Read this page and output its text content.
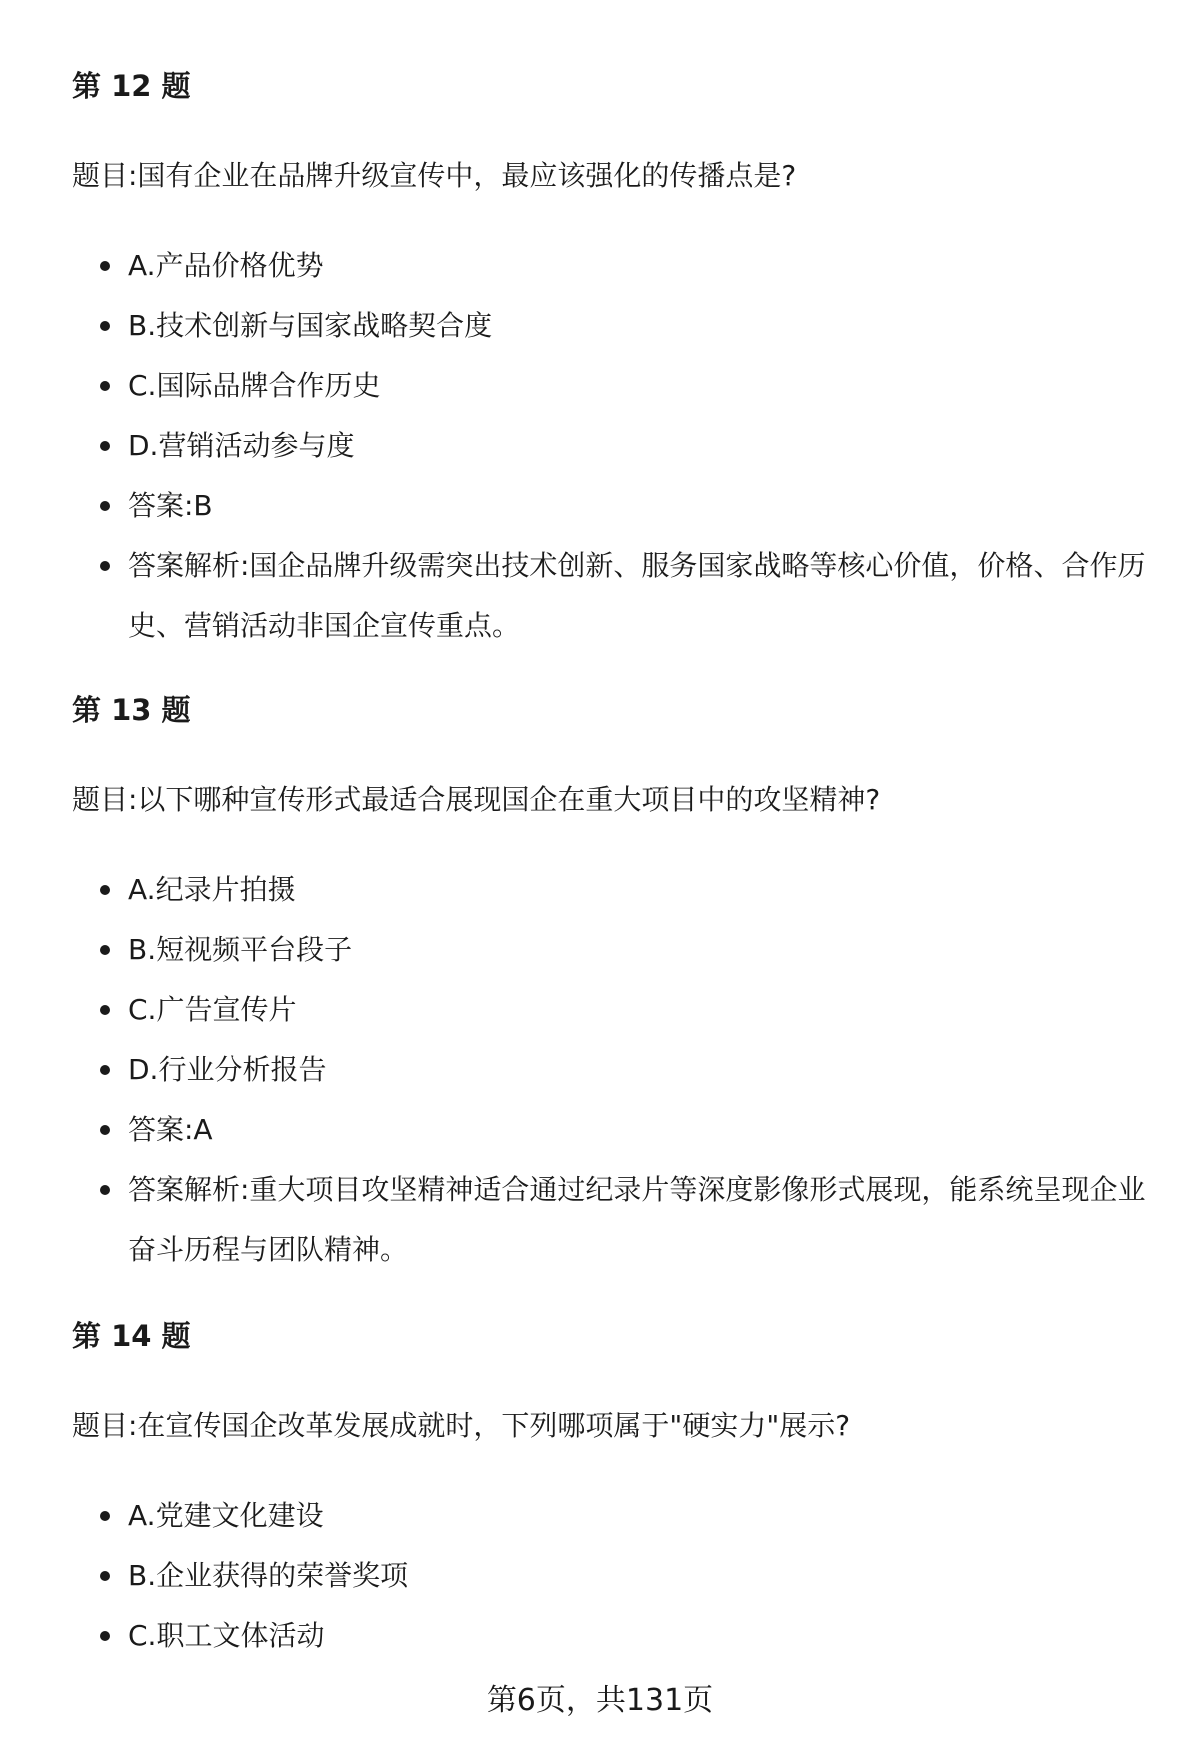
第 12 题

题目:国有企业在品牌升级宣传中，最应该强化的传播点是?

A.产品价格优势
B.技术创新与国家战略契合度
C.国际品牌合作历史
D.营销活动参与度
答案:B
答案解析:国企品牌升级需突出技术创新、服务国家战略等核心价值，价格、合作历史、营销活动非国企宣传重点。
第 13 题

题目:以下哪种宣传形式最适合展现国企在重大项目中的攻坚精神?

A.纪录片拍摄
B.短视频平台段子
C.广告宣传片
D.行业分析报告
答案:A
答案解析:重大项目攻坚精神适合通过纪录片等深度影像形式展现，能系统呈现企业奋斗历程与团队精神。
第 14 题

题目:在宣传国企改革发展成就时，下列哪项属于"硬实力"展示?

A.党建文化建设
B.企业获得的荣誉奖项
C.职工文体活动
第6页，共131页
